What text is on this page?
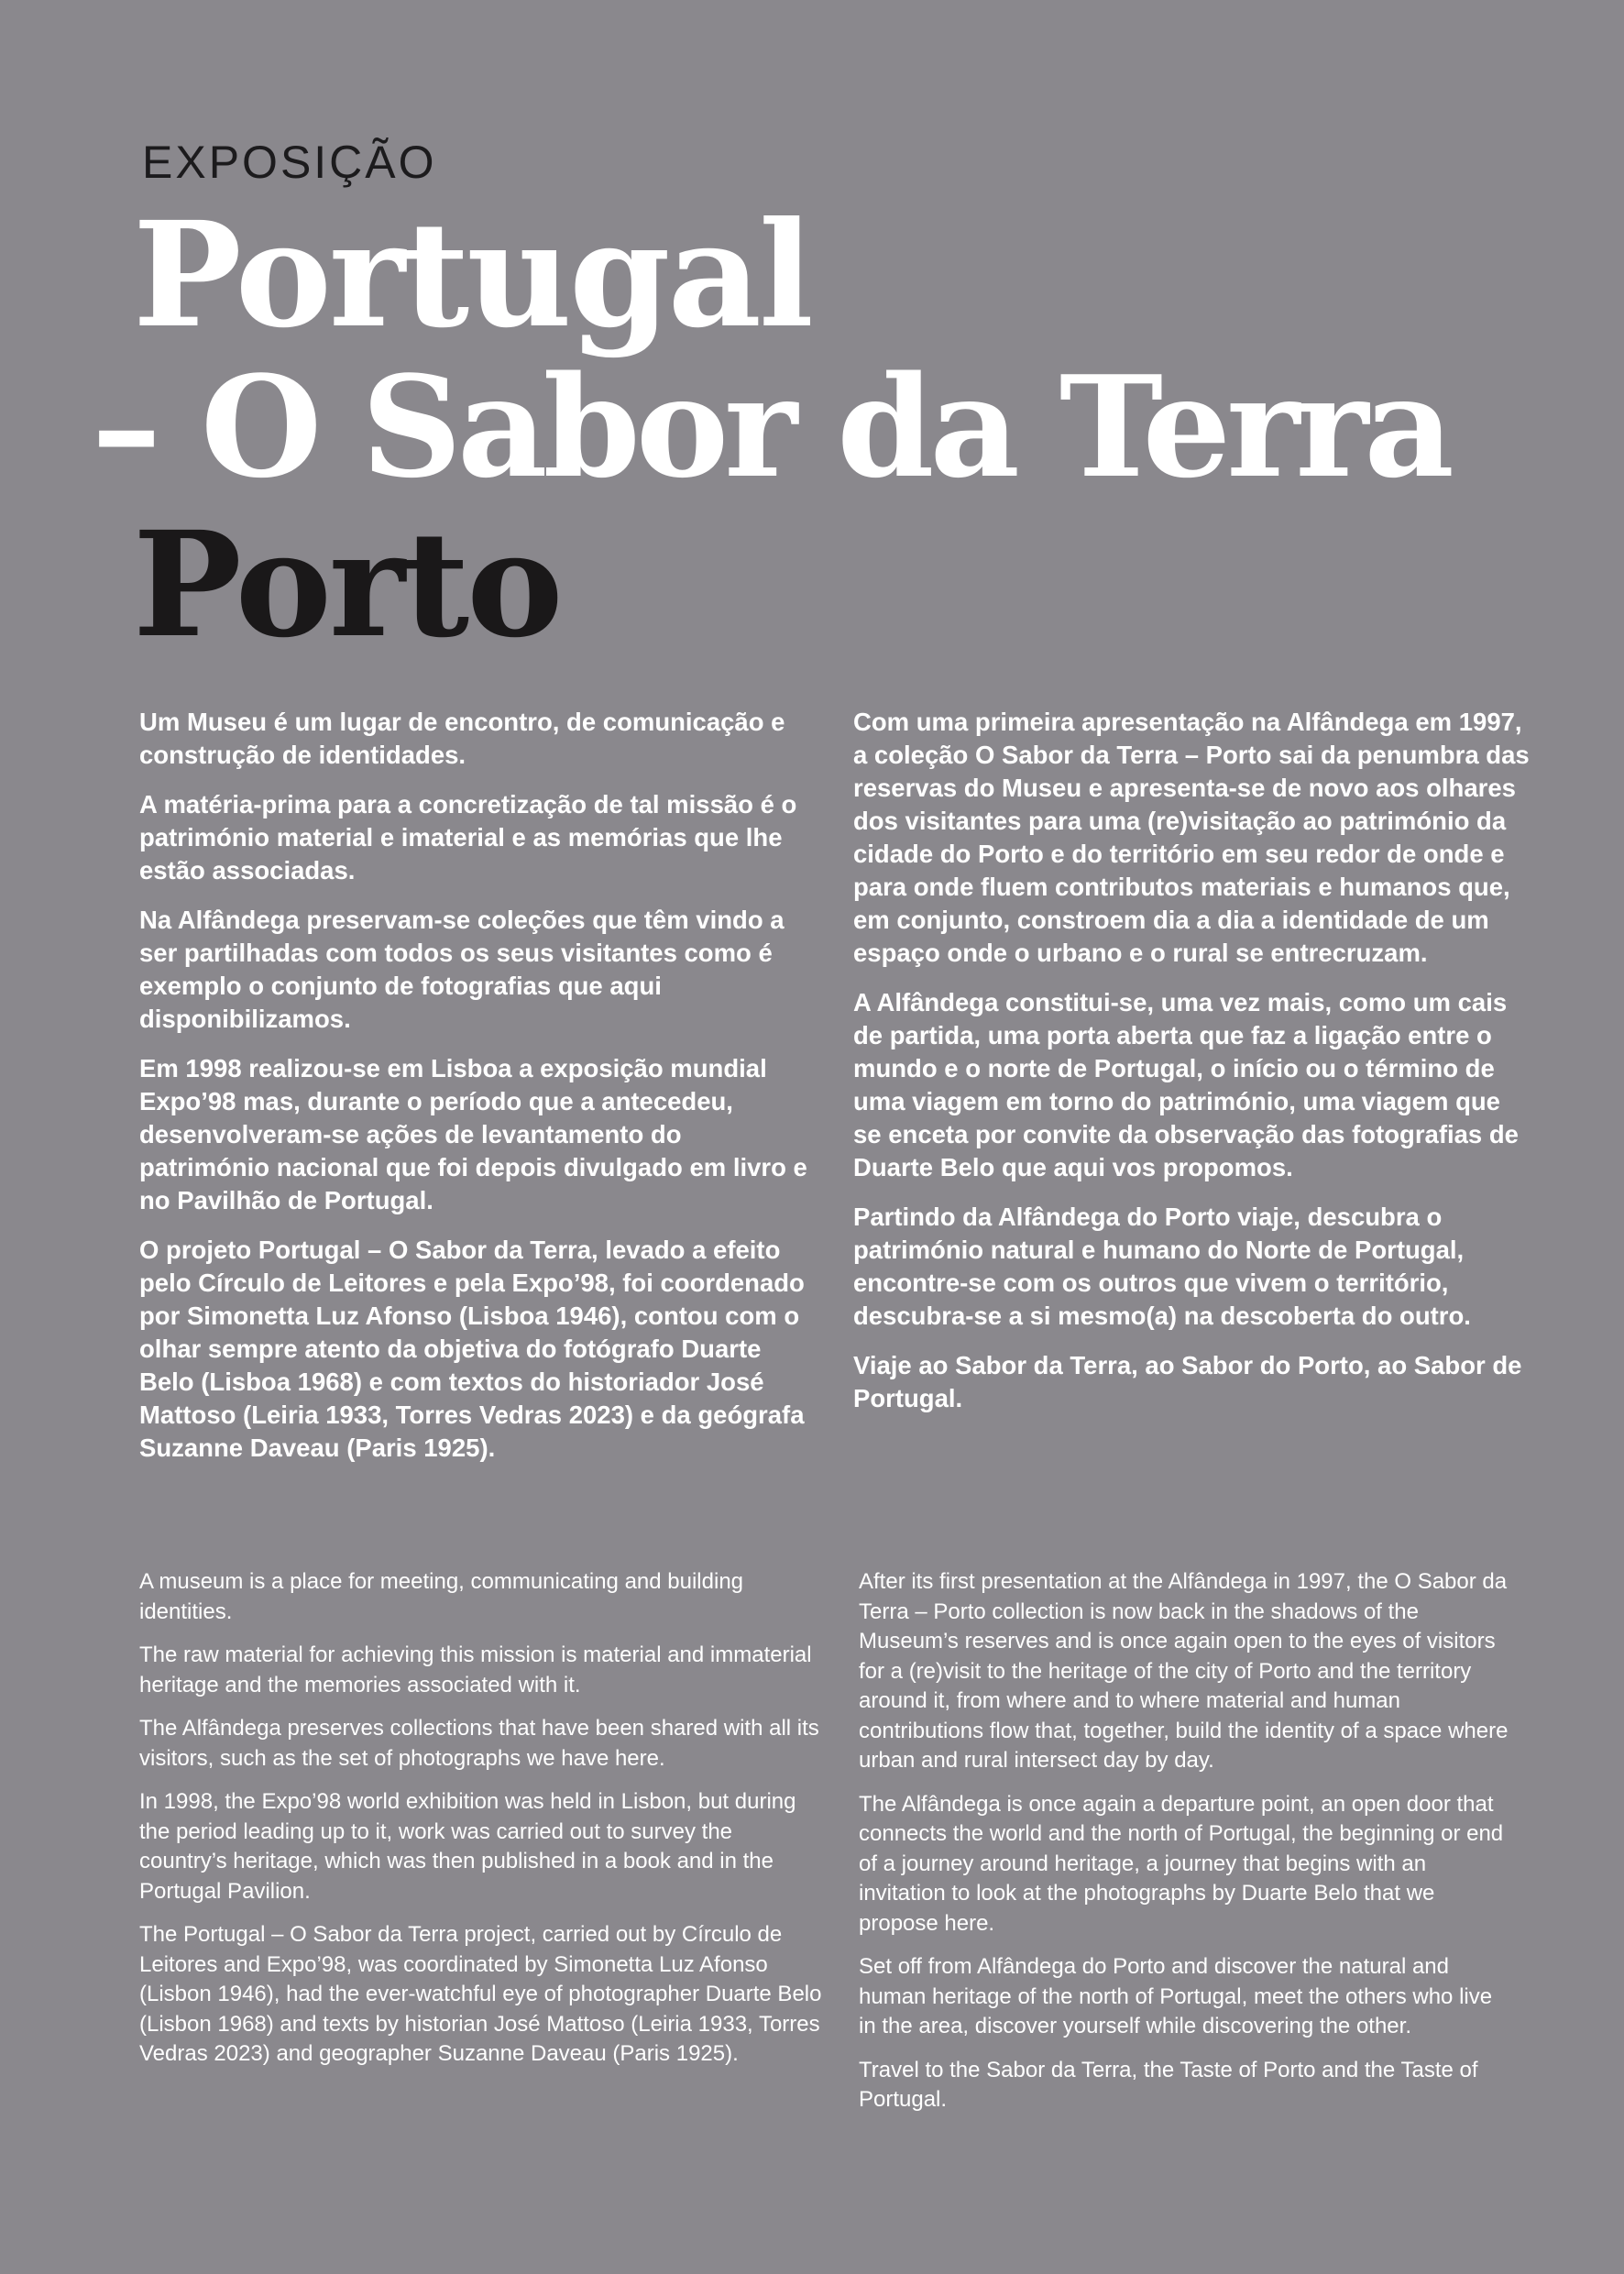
EXPOSIÇÃO
Portugal
– O Sabor da Terra
Porto

Um Museu é um lugar de encontro, de comunicação e construção de identidades.

A matéria-prima para a concretização de tal missão é o património material e imaterial e as memórias que lhe estão associadas.

Na Alfândega preservam-se coleções que têm vindo a ser partilhadas com todos os seus visitantes como é exemplo o conjunto de fotografias que aqui disponibilizamos.

Em 1998 realizou-se em Lisboa a exposição mundial Expo’98 mas, durante o período que a antecedeu, desenvolveram-se ações de levantamento do património nacional que foi depois divulgado em livro e no Pavilhão de Portugal.

O projeto Portugal – O Sabor da Terra, levado a efeito pelo Círculo de Leitores e pela Expo’98, foi coordenado por Simonetta Luz Afonso (Lisboa 1946), contou com o olhar sempre atento da objetiva do fotógrafo Duarte Belo (Lisboa 1968) e com textos do historiador José Mattoso (Leiria 1933, Torres Vedras 2023) e da geógrafa Suzanne Daveau (Paris 1925).

Com uma primeira apresentação na Alfândega em 1997, a coleção O Sabor da Terra – Porto sai da penumbra das reservas do Museu e apresenta-se de novo aos olhares dos visitantes para uma (re)visitação ao património da cidade do Porto e do território em seu redor de onde e para onde fluem contributos materiais e humanos que, em conjunto, constroem dia a dia a identidade de um espaço onde o urbano e o rural se entrecruzam.

A Alfândega constitui-se, uma vez mais, como um cais de partida, uma porta aberta que faz a ligação entre o mundo e o norte de Portugal, o início ou o término de uma viagem em torno do património, uma viagem que se enceta por convite da observação das fotografias de Duarte Belo que aqui vos propomos.

Partindo da Alfândega do Porto viaje, descubra o património natural e humano do Norte de Portugal, encontre-se com os outros que vivem o território, descubra-se a si mesmo(a) na descoberta do outro.

Viaje ao Sabor da Terra, ao Sabor do Porto, ao Sabor de Portugal.

A museum is a place for meeting, communicating and building identities.

The raw material for achieving this mission is material and immaterial heritage and the memories associated with it.

The Alfândega preserves collections that have been shared with all its visitors, such as the set of photographs we have here.

In 1998, the Expo’98 world exhibition was held in Lisbon, but during the period leading up to it, work was carried out to survey the country’s heritage, which was then published in a book and in the Portugal Pavilion.

The Portugal – O Sabor da Terra project, carried out by Círculo de Leitores and Expo’98, was coordinated by Simonetta Luz Afonso (Lisbon 1946), had the ever-watchful eye of photographer Duarte Belo (Lisbon 1968) and texts by historian José Mattoso (Leiria 1933, Torres Vedras 2023) and geographer Suzanne Daveau (Paris 1925).

After its first presentation at the Alfândega in 1997, the O Sabor da Terra – Porto collection is now back in the shadows of the Museum’s reserves and is once again open to the eyes of visitors for a (re)visit to the heritage of the city of Porto and the territory around it, from where and to where material and human contributions flow that, together, build the identity of a space where urban and rural intersect day by day.

The Alfândega is once again a departure point, an open door that connects the world and the north of Portugal, the beginning or end of a journey around heritage, a journey that begins with an invitation to look at the photographs by Duarte Belo that we propose here.

Set off from Alfândega do Porto and discover the natural and human heritage of the north of Portugal, meet the others who live in the area, discover yourself while discovering the other.

Travel to the Sabor da Terra, the Taste of Porto and the Taste of Portugal.
